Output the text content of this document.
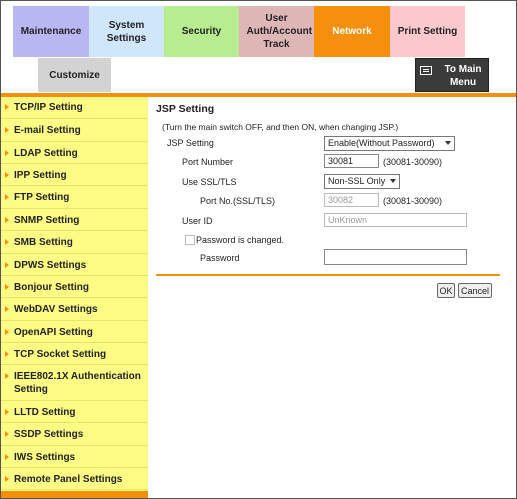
Maintenance
System Settings
Security
User Auth/Account Track
Network	Print Setting
Customize	To Main Menu
TCP/IP Setting
E-mail Setting
LDAP Setting
IPP Setting
FTP Setting
SNMP Setting
SMB Setting
DPWS Settings
Bonjour Setting
WebDAV Settings
OpenAPI Setting
TCP Socket Setting
IEEE802.1X Authentication Setting
LLTD Setting
SSDP Settings
IWS Settings
Remote Panel Settings
JSP Setting
(Turn the main switch OFF, and then ON, when changing JSP.)
JSP Setting	Enable(Without Password)
Port Number	30081	(30081-30090)
Use SSL/TLS	Non-SSL Only
Port No.(SSL/TLS)	30082	(30081-30090)
User ID	UnKnown
Password is changed.
Password
OK Cancel
